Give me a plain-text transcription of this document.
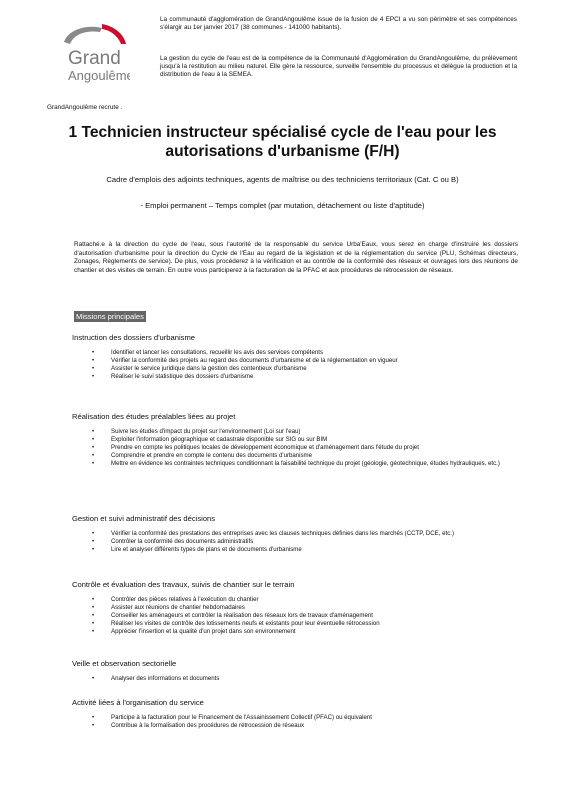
Grand
Angoulême
La communauté d'agglomération de GrandAngoulême issue de la fusion de 4 EPCI a vu son périmètre et ses compétences s'élargir au 1er janvier 2017 (38 communes - 141000 habitants).
La gestion du cycle de l'eau est de la compétence de la Communauté d'Agglomération du GrandAngoulême, du prélèvement jusqu'à la restitution au milieu naturel. Elle gère la ressource, surveille l'ensemble du processus et délègue la production et la distribution de l'eau à la SEMEA.
GrandAngoulême recrute .
1 Technicien instructeur spécialisé cycle de l'eau pour les autorisations d'urbanisme (F/H)
Cadre d'emplois des adjoints techniques, agents de maîtrise ou des techniciens territoriaux (Cat. C ou B)
- Emploi permanent – Temps complet (par mutation, détachement ou liste d'aptitude)
Rattaché.e à la direction du cycle de l'eau, sous l'autorité de la responsable du service Urba'Eaux, vous serez en charge d'instruire les dossiers d'autorisation d'urbanisme pour la direction du Cycle de l'Eau au regard de la législation et de la réglementation du service (PLU, Schémas directeurs, Zonages, Règlements de service). De plus, vous procéderez à la vérification et au contrôle de la conformité des réseaux et ouvrages lors des réunions de chantier et des visites de terrain. En outre vous participerez à la facturation de la PFAC et aux procédures de rétrocession de réseaux.
Missions principales
Instruction des dossiers d'urbanisme
•	Identifier et lancer les consultations, recueillir les avis des services compétents
•	Vérifier la conformité des projets au regard des documents d'urbanisme et de la réglementation en vigueur
•	Assister le service juridique dans la gestion des contentieux d'urbanisme
•	Réaliser le suivi statistique des dossiers d'urbanisme
Réalisation des études préalables liées au projet
•	Suivre les études d'impact du projet sur l'environnement (Loi sur l'eau)
•	Exploiter l'information géographique et cadastrale disponible sur SIG ou sur BIM
•	Prendre en compte les politiques locales de développement économique et d'aménagement dans l'étude du projet
•	Comprendre et prendre en compte le contenu des documents d'urbanisme
•	Mettre en évidence les contraintes techniques conditionnant la faisabilité technique du projet (géologie, géotechnique, études hydrauliques, etc.)
Gestion et suivi administratif des décisions
•	Vérifier la conformité des prestations des entreprises avec les clauses techniques définies dans les marchés (CCTP, DCE, etc.)
•	Contrôler la conformité des documents administratifs
•	Lire et analyser différents types de plans et de documents d'urbanisme
Contrôle et évaluation des travaux, suivis de chantier sur le terrain
•	Contrôler des pièces relatives à l'exécution du chantier
•	Assister aux réunions de chantier hebdomadaires
•	Conseiller les aménageurs et contrôler la réalisation des réseaux lors de travaux d'aménagement
•	Réaliser les visites de contrôle des lotissements neufs et existants pour leur éventuelle rétrocession
•	Apprécier l'insertion et la qualité d'un projet dans son environnement
Veille et observation sectorielle
•	Analyser des informations et documents
Activité liées à l'organisation du service
•	Participe à la facturation pour le Financement de l'Assainissement Collectif (PFAC) ou équivalent
•	Contribue à la formalisation des procédures de rétrocession de réseaux
